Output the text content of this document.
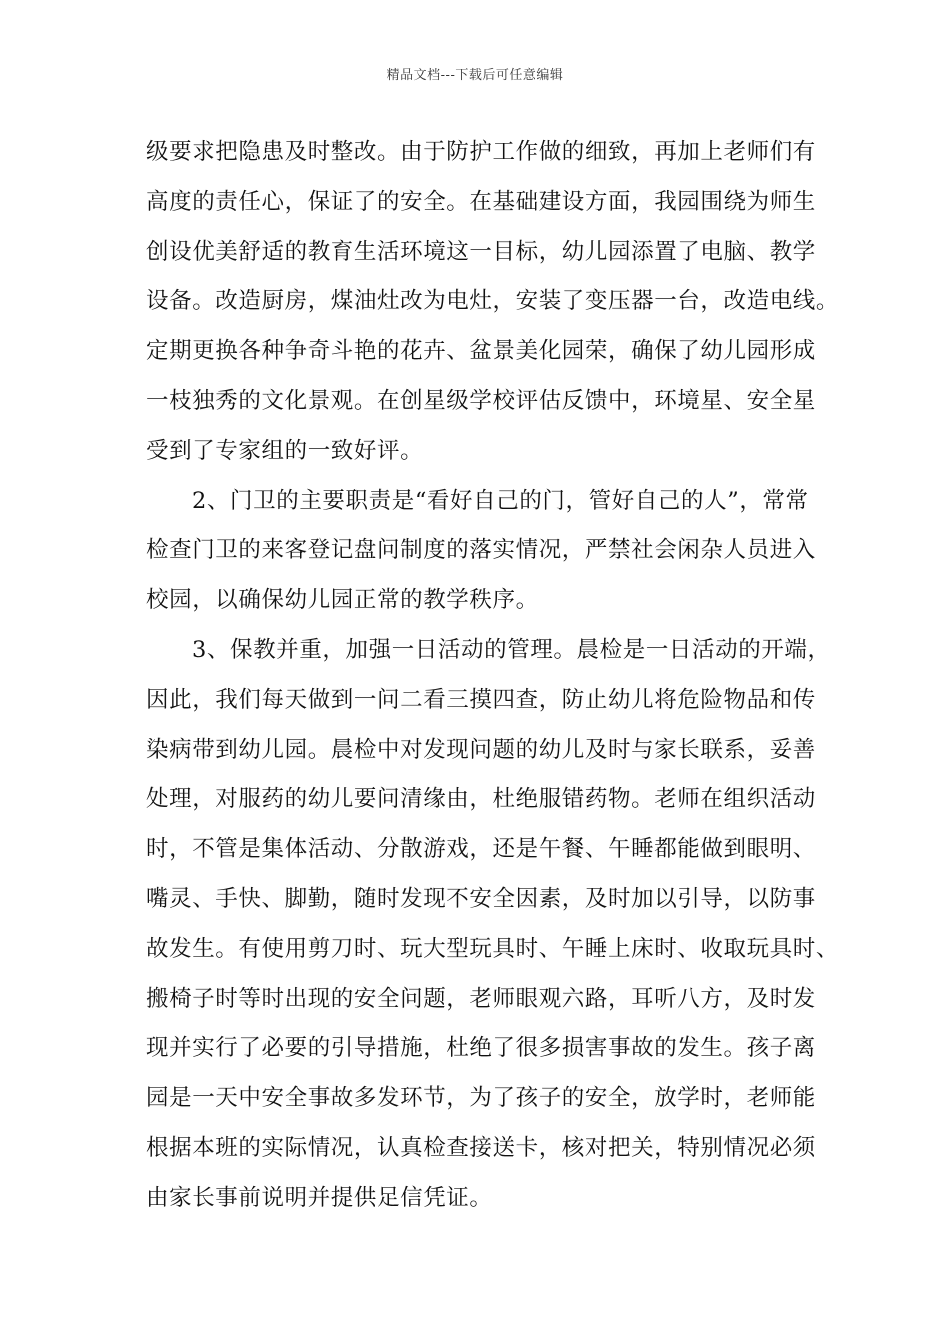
精品文档---下载后可任意编辑

级要求把隐患及时整改。由于防护工作做的细致，再加上老师们有
高度的责任心，保证了的安全。在基础建设方面，我园围绕为师生
创设优美舒适的教育生活环境这一目标，幼儿园添置了电脑、教学
设备。改造厨房，煤油灶改为电灶，安装了变压器一台，改造电线。
定期更换各种争奇斗艳的花卉、盆景美化园荣，确保了幼儿园形成
一枝独秀的文化景观。在创星级学校评估反馈中，环境星、安全星
受到了专家组的一致好评。

2、门卫的主要职责是“看好自己的门，管好自己的人”，常常
检查门卫的来客登记盘问制度的落实情况，严禁社会闲杂人员进入
校园，以确保幼儿园正常的教学秩序。

3、保教并重，加强一日活动的管理。晨检是一日活动的开端，
因此，我们每天做到一问二看三摸四查，防止幼儿将危险物品和传
染病带到幼儿园。晨检中对发现问题的幼儿及时与家长联系，妥善
处理，对服药的幼儿要问清缘由，杜绝服错药物。老师在组织活动
时，不管是集体活动、分散游戏，还是午餐、午睡都能做到眼明、
嘴灵、手快、脚勤，随时发现不安全因素，及时加以引导，以防事
故发生。有使用剪刀时、玩大型玩具时、午睡上床时、收取玩具时、
搬椅子时等时出现的安全问题，老师眼观六路，耳听八方，及时发
现并实行了必要的引导措施，杜绝了很多损害事故的发生。孩子离
园是一天中安全事故多发环节，为了孩子的安全，放学时，老师能
根据本班的实际情况，认真检查接送卡，核对把关，特别情况必须
由家长事前说明并提供足信凭证。
